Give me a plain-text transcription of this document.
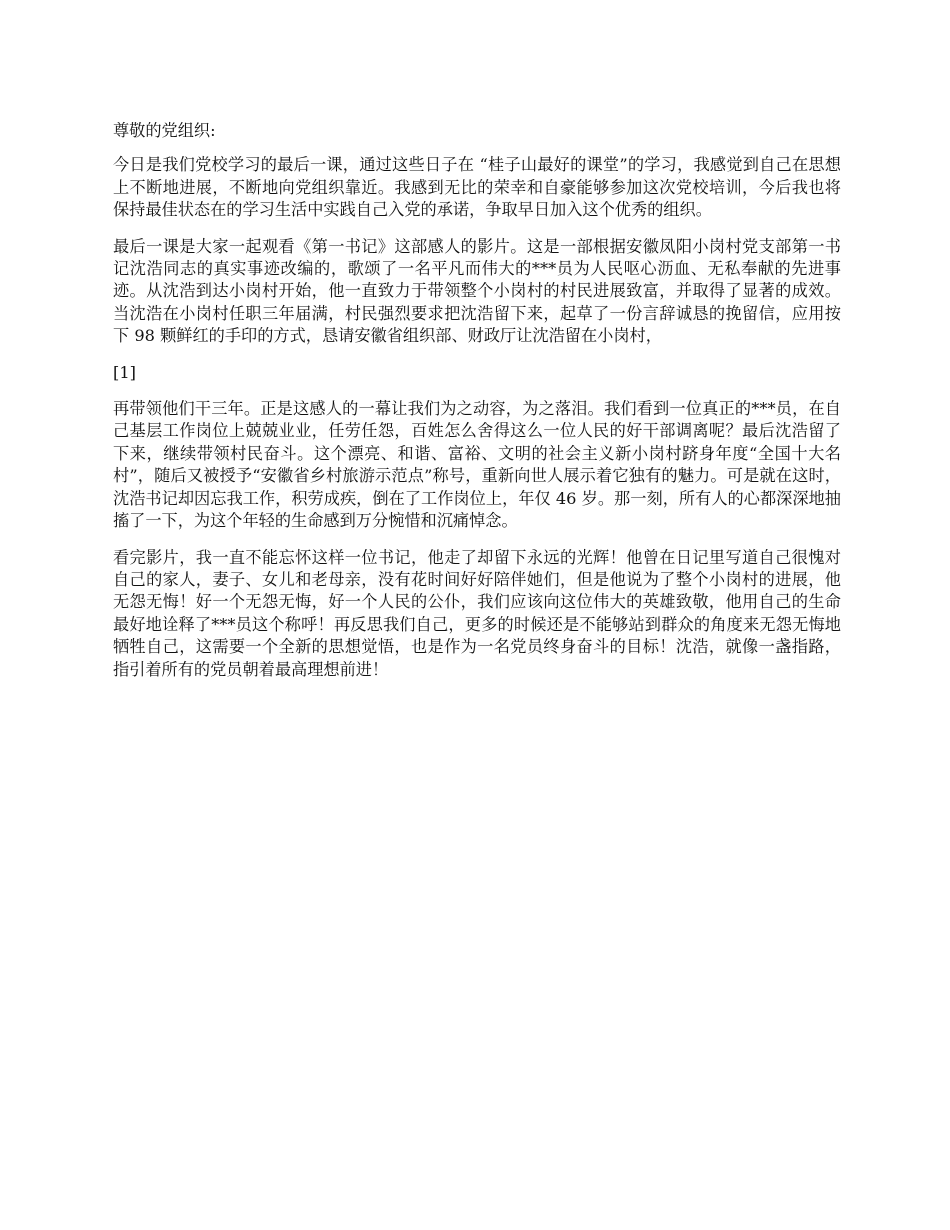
尊敬的党组织:

今日是我们党校学习的最后一课，通过这些日子在 “桂子山最好的课堂”的学习，我感觉到自己在思想上不断地进展，不断地向党组织靠近。我感到无比的荣幸和自豪能够参加这次党校培训，今后我也将保持最佳状态在的学习生活中实践自己入党的承诺，争取早日加入这个优秀的组织。

最后一课是大家一起观看《第一书记》这部感人的影片。这是一部根据安徽凤阳小岗村党支部第一书记沈浩同志的真实事迹改编的，歌颂了一名平凡而伟大的***员为人民呕心沥血、无私奉献的先进事迹。从沈浩到达小岗村开始，他一直致力于带领整个小岗村的村民进展致富，并取得了显著的成效。当沈浩在小岗村任职三年届满，村民强烈要求把沈浩留下来，起草了一份言辞诚恳的挽留信，应用按下 98 颗鲜红的手印的方式，恳请安徽省组织部、财政厅让沈浩留在小岗村，

[1]

再带领他们干三年。正是这感人的一幕让我们为之动容，为之落泪。我们看到一位真正的***员，在自己基层工作岗位上兢兢业业，任劳任怨，百姓怎么舍得这么一位人民的好干部调离呢？最后沈浩留了下来，继续带领村民奋斗。这个漂亮、和谐、富裕、文明的社会主义新小岗村跻身年度“全国十大名村”，随后又被授予“安徽省乡村旅游示范点”称号，重新向世人展示着它独有的魅力。可是就在这时，沈浩书记却因忘我工作，积劳成疾，倒在了工作岗位上，年仅 46 岁。那一刻，所有人的心都深深地抽搐了一下，为这个年轻的生命感到万分惋惜和沉痛悼念。

看完影片，我一直不能忘怀这样一位书记，他走了却留下永远的光辉！他曾在日记里写道自己很愧对自己的家人，妻子、女儿和老母亲，没有花时间好好陪伴她们，但是他说为了整个小岗村的进展，他无怨无悔！好一个无怨无悔，好一个人民的公仆，我们应该向这位伟大的英雄致敬，他用自己的生命最好地诠释了***员这个称呼！再反思我们自己，更多的时候还是不能够站到群众的角度来无怨无悔地牺牲自己，这需要一个全新的思想觉悟，也是作为一名党员终身奋斗的目标！沈浩，就像一盏指路，指引着所有的党员朝着最高理想前进！
